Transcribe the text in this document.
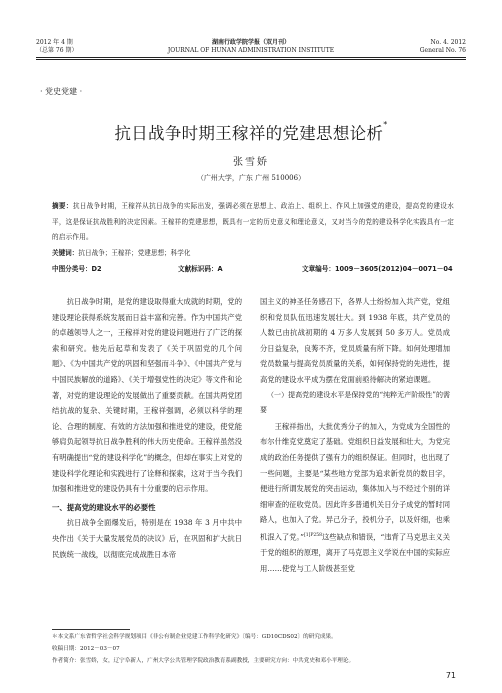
2012 年 4 期
（总第 76 期）
湖南行政学院学报（双月刊）
JOURNAL OF HUNAN ADMINISTRATION INSTITUTE
No. 4. 2012
General No. 76
· 党史党建 ·
抗日战争时期王稼祥的党建思想论析*
张雪娇
（广州大学，广东 广州 510006）
摘要：抗日战争时期，王稼祥从抗日战争的实际出发，强调必须在思想上、政治上、组织上、作风上加强党的建设，提高党的建设水平，这是保证抗战胜利的决定因素。王稼祥的党建思想，既具有一定的历史意义和理论意义，又对当今的党的建设科学化实践具有一定的启示作用。
关键词：抗日战争；王稼祥；党建思想；科学化
中图分类号：D2	文献标识码：A	文章编号：1009－3605(2012)04－0071－04

抗日战争时期，是党的建设取得重大成就的时期，党的建设理论获得系统发展而日益丰富和完善。作为中国共产党的卓越领导人之一，王稼祥对党的建设问题进行了广泛的探索和研究。他先后起草和发表了《关于巩固党的几个问题》、《为中国共产党的巩固和坚强而斗争》、《中国共产党与中国民族解放的道路》、《关于增强党性的决定》等文件和论著，对党的建设理论的发展做出了重要贡献。在国共两党团结抗战的复杂、关键时期，王稼祥强调，必须以科学的理论、合理的制度、有效的方法加强和推进党的建设，使党能够肩负起领导抗日战争胜利的伟大历史使命。王稼祥虽然没有明确提出“党的建设科学化”的概念，但却在事实上对党的建设科学化理论和实践进行了诠释和探索，这对于当今我们加强和推进党的建设仍具有十分重要的启示作用。

一、提高党的建设水平的必要性

抗日战争全面爆发后，特别是在 1938 年 3 月中共中央作出《关于大量发展党员的决议》后，在巩固和扩大抗日民族统一战线，以彻底完成战胜日本帝

国主义的神圣任务感召下，各界人士纷纷加入共产党，党组织和党员队伍迅速发展壮大。到 1938 年底，共产党员的人数已由抗战初期的 4 万多人发展到 50 多万人。党员成分日益复杂，良莠不齐，党员质量有所下降。如何处理增加党员数量与提高党员质量的关系，如何保持党的先进性，提高党的建设水平成为摆在党面前亟待解决的紧迫课题。

（一）提高党的建设水平是保持党的“纯粹无产阶级性”的需要

王稼祥指出，大批优秀分子的加入，为党成为全国性的布尔什维克党奠定了基础。党组织日益发展和壮大，为党完成的政治任务提供了强有力的组织保证。但同时，也出现了一些问题，主要是“某些地方党部为追求新党员的数目字，便进行所谓发展党的突击运动，集体加入与不经过个别的详细审查的征收党员。因此许多普通机关日分子成党的暂时同路人，也加入了党。异己分子，投机分子，以及奸细，也乘机混入了党。”$^{[1]P258}$这些缺点和错误，“违背了马克思主义关于党的组织的原理，离开了马克思主义学说在中国的实际应用……使党与工人阶级甚至党

＊本文系广东省哲学社会科学规划项目《非公有制企业党建工作科学化研究》〔编号：GD10CDS02〕的研究成果。
收稿日期：2012－03－07
作者简介：张雪娇，女，辽宁阜新人，广州大学公共管理学院政治教育系副教授，主要研究方向：中共党史和邓小平理论。
71
